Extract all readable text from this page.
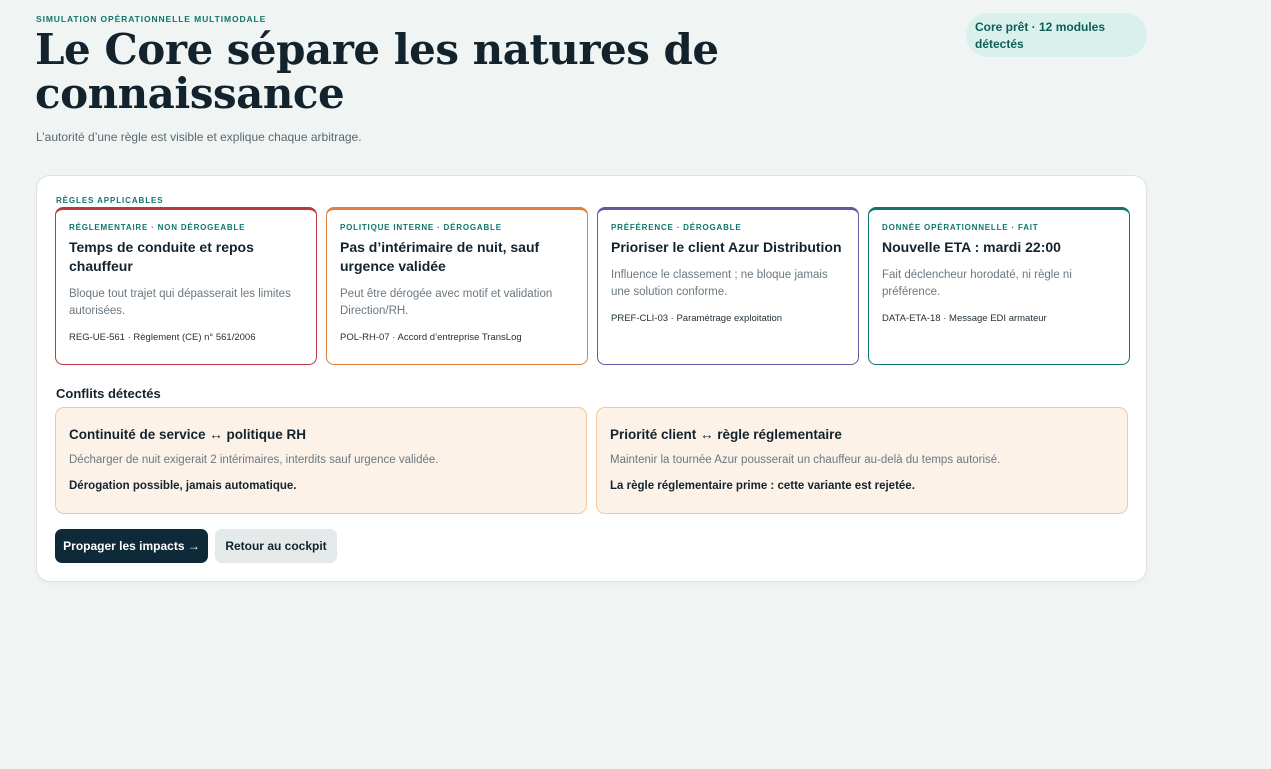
SIMULATION OPÉRATIONNELLE MULTIMODALE
Le Core sépare les natures de connaissance
L’autorité d’une règle est visible et explique chaque arbitrage.
Core prêt · 12 modules détectés
RÈGLES APPLICABLES
RÉGLEMENTAIRE · NON DÉROGEABLE
Temps de conduite et repos chauffeur
Bloque tout trajet qui dépasserait les limites autorisées.
REG-UE-561 · Règlement (CE) n° 561/2006
POLITIQUE INTERNE · DÉROGABLE
Pas d’intérimaire de nuit, sauf urgence validée
Peut être dérogée avec motif et validation Direction/RH.
POL-RH-07 · Accord d’entreprise TransLog
PRÉFÉRENCE · DÉROGABLE
Prioriser le client Azur Distribution
Influence le classement ; ne bloque jamais une solution conforme.
PREF-CLI-03 · Paramétrage exploitation
DONNÉE OPÉRATIONNELLE · FAIT
Nouvelle ETA : mardi 22:00
Fait déclencheur horodaté, ni règle ni préférence.
DATA-ETA-18 · Message EDI armateur
Conflits détectés
Continuité de service ↔ politique RH
Décharger de nuit exigerait 2 intérimaires, interdits sauf urgence validée.
Dérogation possible, jamais automatique.
Priorité client ↔ règle réglementaire
Maintenir la tournée Azur pousserait un chauffeur au-delà du temps autorisé.
La règle réglementaire prime : cette variante est rejetée.
Propager les impacts →	Retour au cockpit
